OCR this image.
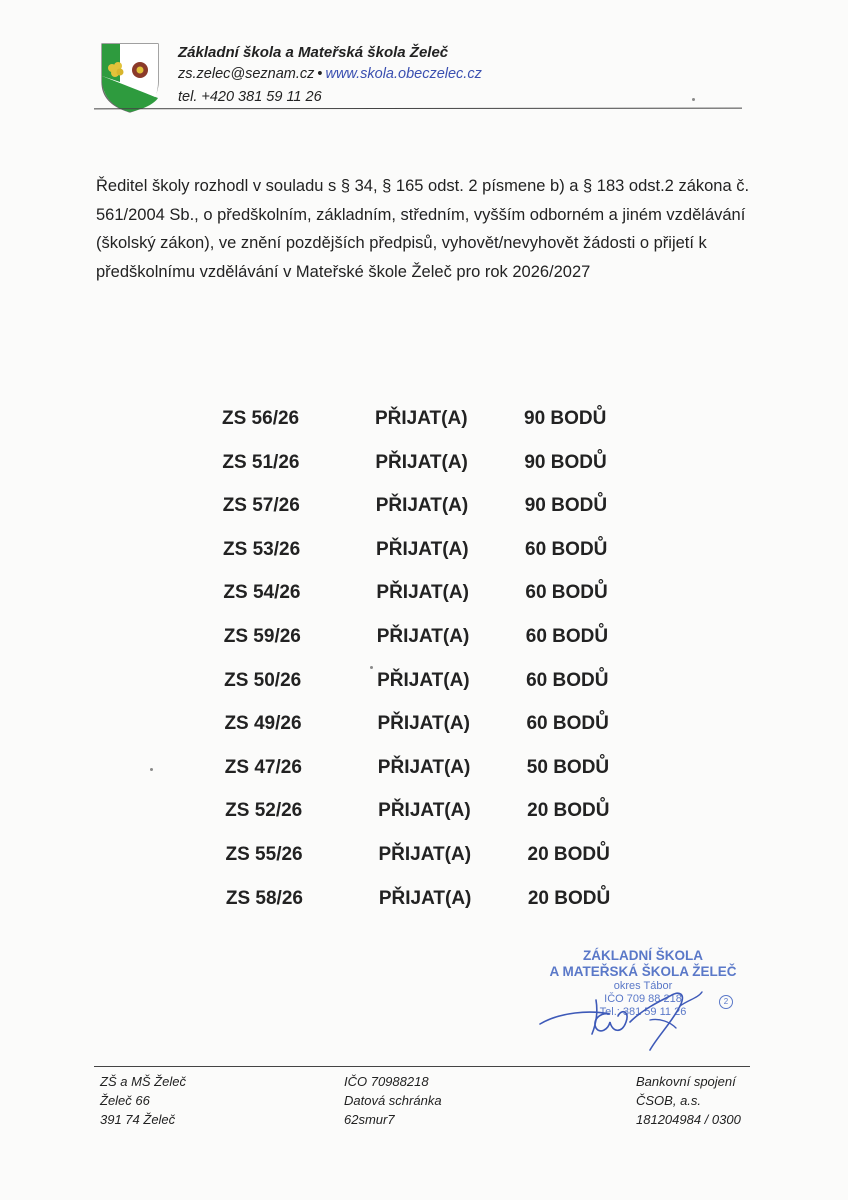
Základní škola a Mateřská škola Želeč
zs.zelec@seznam.cz • www.skola.obeczelec.cz
tel. +420 381 59 11 26
Ředitel školy rozhodl v souladu s § 34, § 165 odst. 2 písmene b) a § 183 odst.2 zákona č. 561/2004 Sb., o předškolním, základním, středním, vyšším odborném a jiném vzdělávání (školský zákon), ve znění pozdějších předpisů, vyhovět/nevyhovět žádosti o přijetí k předškolnímu vzdělávání v Mateřské škole Želeč pro rok 2026/2027
ZS 56/26	PŘIJAT(A)	90 BODŮ
ZS 51/26	PŘIJAT(A)	90 BODŮ
ZS 57/26	PŘIJAT(A)	90 BODŮ
ZS 53/26	PŘIJAT(A)	60 BODŮ
ZS 54/26	PŘIJAT(A)	60 BODŮ
ZS 59/26	PŘIJAT(A)	60 BODŮ
ZS 50/26	PŘIJAT(A)	60 BODŮ
ZS 49/26	PŘIJAT(A)	60 BODŮ
ZS 47/26	PŘIJAT(A)	50 BODŮ
ZS 52/26	PŘIJAT(A)	20 BODŮ
ZS 55/26	PŘIJAT(A)	20 BODŮ
ZS 58/26	PŘIJAT(A)	20 BODŮ
ZÁKLADNÍ ŠKOLA
A MATEŘSKÁ ŠKOLA ŽELEČ
okres Tábor
IČO 709 88 218
Tel.: 381 59 11 26
2
ZŠ a MŠ Želeč
Želeč 66
391 74 Želeč
IČO 70988218
Datová schránka
62smur7
Bankovní spojení
ČSOB, a.s.
181204984 / 0300
